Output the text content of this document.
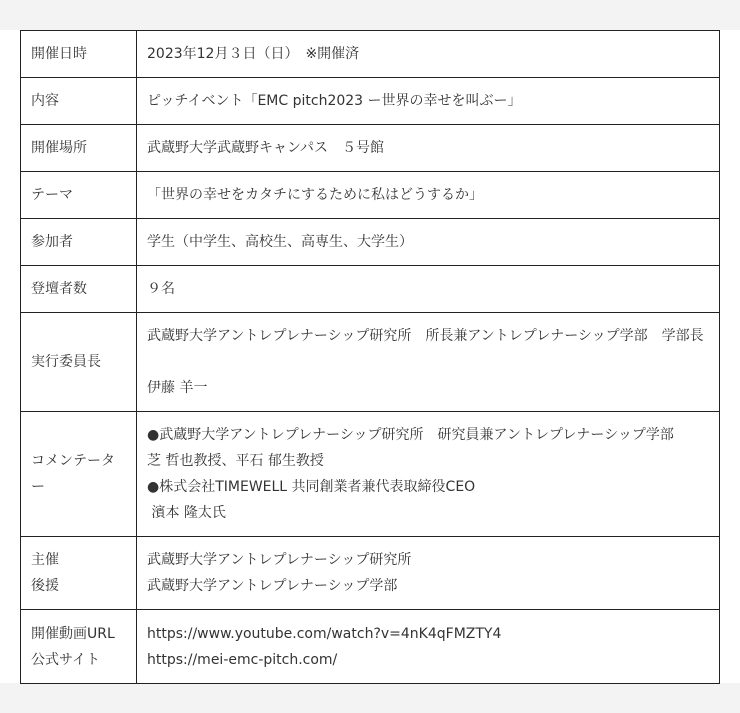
開催日時	2023年12月３日（日）　※開催済

内容	ピッチイベント「EMC pitch2023 ー世界の幸せを叫ぶー」

開催場所	武蔵野大学武蔵野キャンパス　５号館

テーマ	「世界の幸せをカタチにするために私はどうするか」

参加者	学生（中学生、高校生、高専生、大学生）

登壇者数	９名

実行委員長	武蔵野大学アントレプレナーシップ研究所　所長兼アントレプレナーシップ学部　学部長
伊藤 羊一

コメンテータ
ー	●武蔵野大学アントレプレナーシップ研究所　研究員兼アントレプレナーシップ学部
芝 哲也教授、平石 郁生教授
●株式会社TIMEWELL 共同創業者兼代表取締役CEO
濱本 隆太氏

主催
後援	武蔵野大学アントレプレナーシップ研究所
武蔵野大学アントレプレナーシップ学部

開催動画URL
公式サイト	https://www.youtube.com/watch?v=4nK4qFMZTY4
https://mei-emc-pitch.com/
